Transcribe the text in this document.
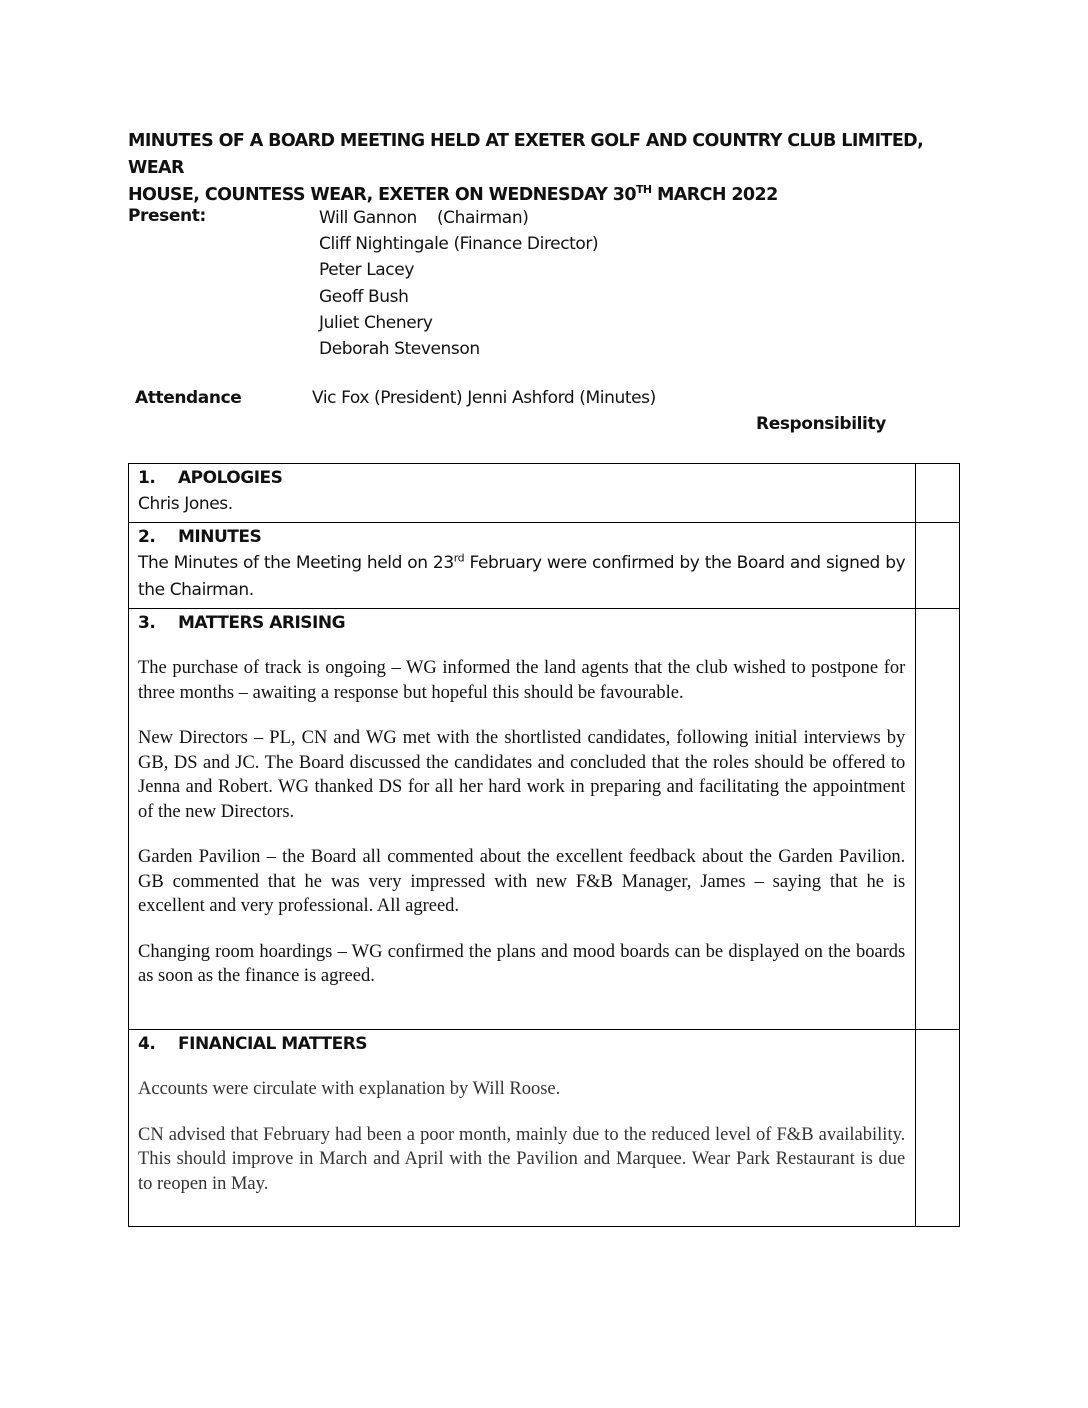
MINUTES OF A BOARD MEETING HELD AT EXETER GOLF AND COUNTRY CLUB LIMITED, WEAR
HOUSE, COUNTESS WEAR, EXETER ON WEDNESDAY 30TH MARCH 2022
Present:	Will Gannon    (Chairman)
Cliff Nightingale (Finance Director)
Peter Lacey
Geoff Bush
Juliet Chenery
Deborah Stevenson
Attendance	Vic Fox (President) Jenni Ashford (Minutes)
Responsibility
1. APOLOGIES
Chris Jones.	

2. MINUTES
The Minutes of the Meeting held on 23rd February were confirmed by the Board and signed by the Chairman.	

3. MATTERS ARISING

The purchase of track is ongoing – WG informed the land agents that the club wished to postpone for three months – awaiting a response but hopeful this should be favourable.

New Directors – PL, CN and WG met with the shortlisted candidates, following initial interviews by GB, DS and JC. The Board discussed the candidates and concluded that the roles should be offered to Jenna and Robert. WG thanked DS for all her hard work in preparing and facilitating the appointment of the new Directors.

Garden Pavilion – the Board all commented about the excellent feedback about the Garden Pavilion. GB commented that he was very impressed with new F&B Manager, James – saying that he is excellent and very professional. All agreed.

Changing room hoardings – WG confirmed the plans and mood boards can be displayed on the boards as soon as the finance is agreed.	

4. FINANCIAL MATTERS

Accounts were circulate with explanation by Will Roose.

CN advised that February had been a poor month, mainly due to the reduced level of F&B availability. This should improve in March and April with the Pavilion and Marquee. Wear Park Restaurant is due to reopen in May.	
